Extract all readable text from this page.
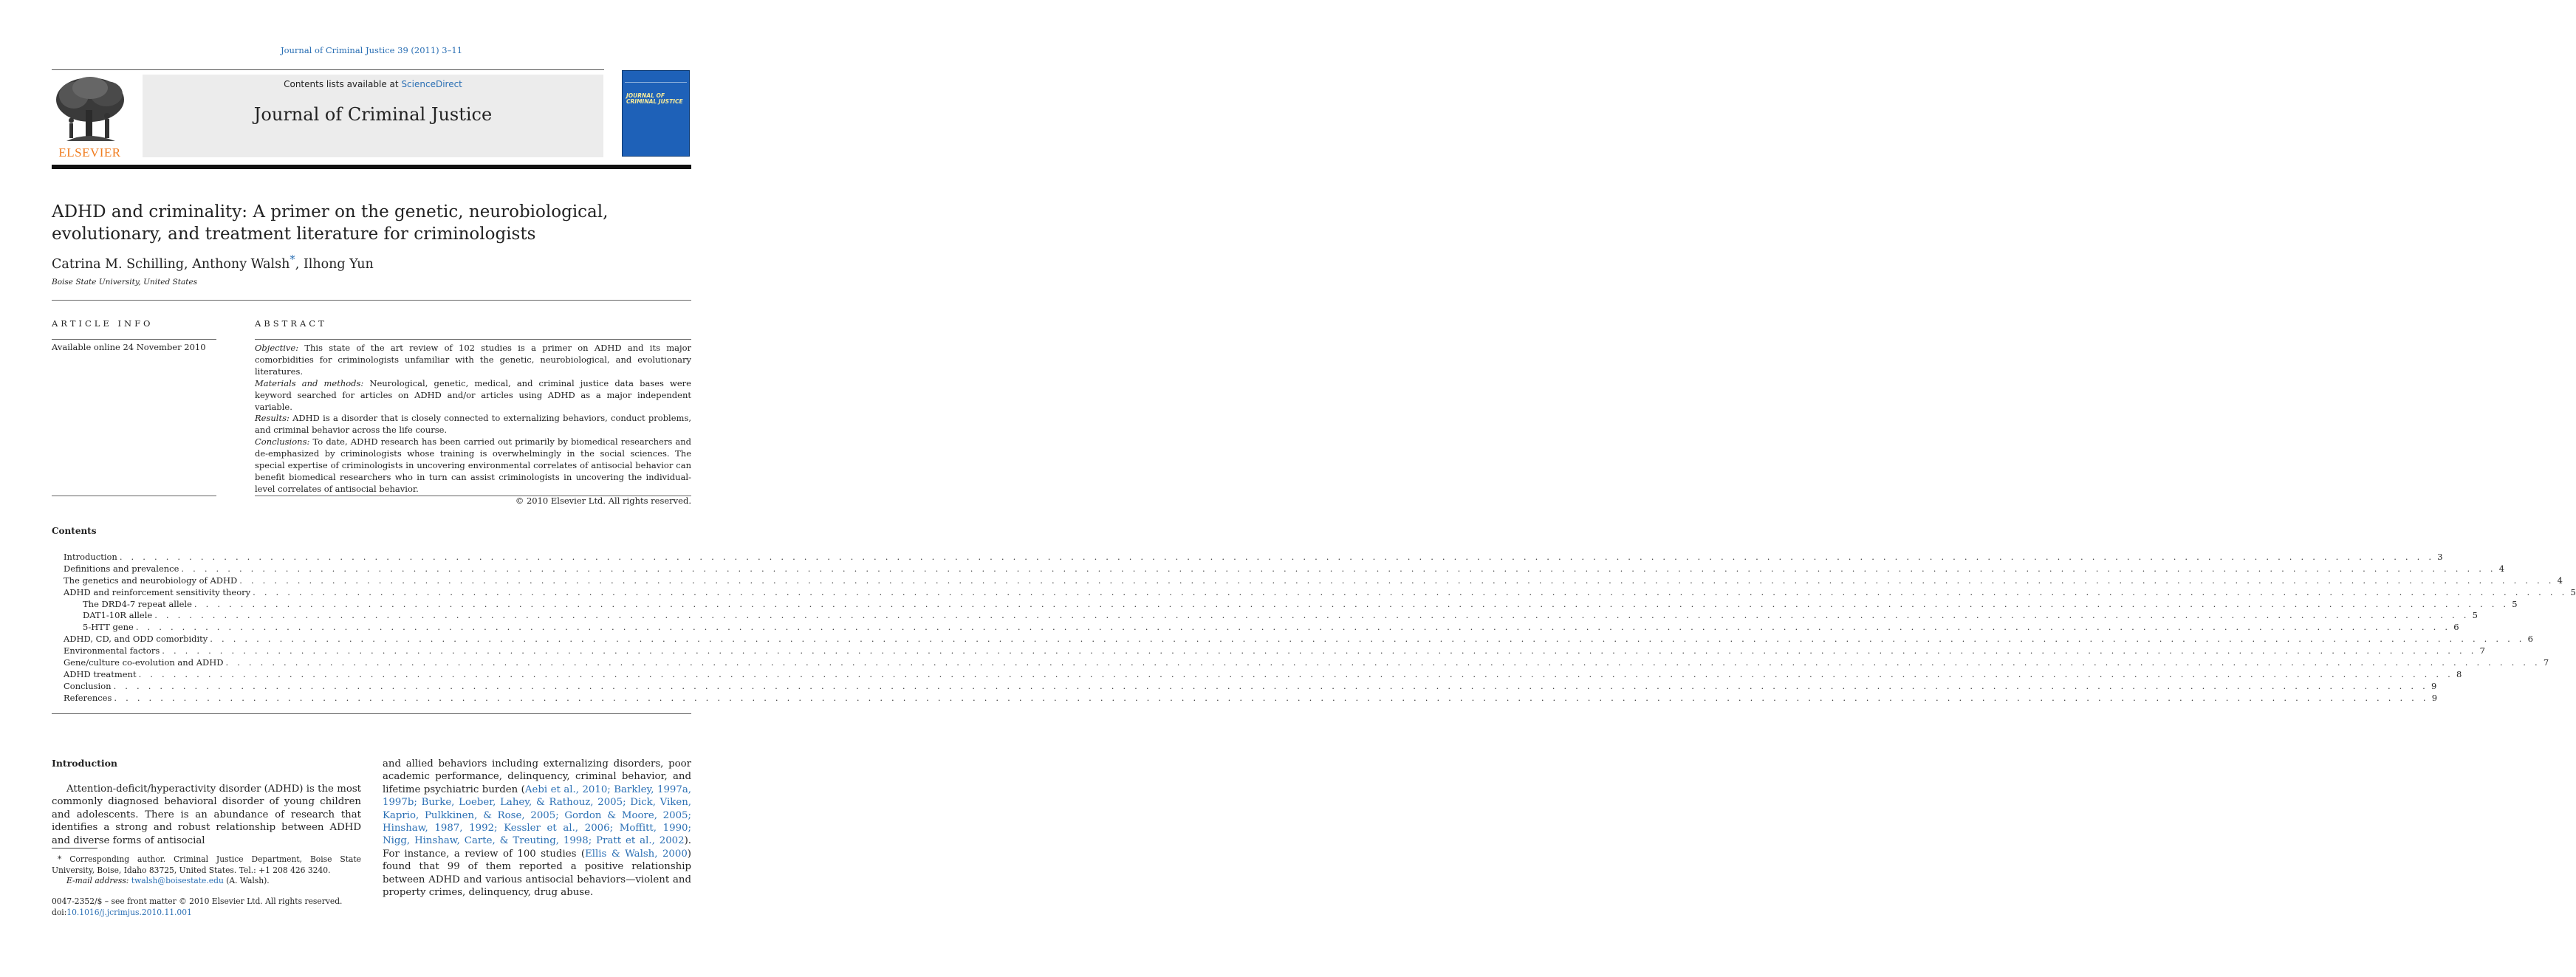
Journal of Criminal Justice 39 (2011) 3–11
ELSEVIER
Contents lists available at ScienceDirect
Journal of Criminal Justice
JOURNAL OF CRIMINAL JUSTICE
ADHD and criminality: A primer on the genetic, neurobiological, evolutionary, and treatment literature for criminologists
Catrina M. Schilling, Anthony Walsh*, Ilhong Yun
Boise State University, United States
ARTICLE INFO
Available online 24 November 2010
ABSTRACT

Objective: This state of the art review of 102 studies is a primer on ADHD and its major comorbidities for criminologists unfamiliar with the genetic, neurobiological, and evolutionary literatures.

Materials and methods: Neurological, genetic, medical, and criminal justice data bases were keyword searched for articles on ADHD and/or articles using ADHD as a major independent variable.

Results: ADHD is a disorder that is closely connected to externalizing behaviors, conduct problems, and criminal behavior across the life course.

Conclusions: To date, ADHD research has been carried out primarily by biomedical researchers and de-emphasized by criminologists whose training is overwhelmingly in the social sciences. The special expertise of criminologists in uncovering environmental correlates of antisocial behavior can benefit biomedical researchers who in turn can assist criminologists in uncovering the individual-level correlates of antisocial behavior.

© 2010 Elsevier Ltd. All rights reserved.

Contents
Introduction . . . . . . . . . . . . . . . . . . . . . . . . . . . . . . . . . . . . . . . . . . . . . . . . . . . . . . . . . . . . . . . . . . . . . . . . . . . . . . . . . . . . . . . . . . . . . . . . . . . . . . . . . . . . . . . . . . . . . . . . . . . . . . . . . . . . . . . . . . . . . . . . . . . . . . . . . . . . . . . . . . . . . . . . . . . . . . . . . . . . . . . . . . . . . . . . . . . . . . . . 3
Definitions and prevalence . . . . . . . . . . . . . . . . . . . . . . . . . . . . . . . . . . . . . . . . . . . . . . . . . . . . . . . . . . . . . . . . . . . . . . . . . . . . . . . . . . . . . . . . . . . . . . . . . . . . . . . . . . . . . . . . . . . . . . . . . . . . . . . . . . . . . . . . . . . . . . . . . . . . . . . . . . . . . . . . . . . . . . . . . . . . . . . . . . . . . . . . . . . . . . . . . . . . . . . . 4
The genetics and neurobiology of ADHD . . . . . . . . . . . . . . . . . . . . . . . . . . . . . . . . . . . . . . . . . . . . . . . . . . . . . . . . . . . . . . . . . . . . . . . . . . . . . . . . . . . . . . . . . . . . . . . . . . . . . . . . . . . . . . . . . . . . . . . . . . . . . . . . . . . . . . . . . . . . . . . . . . . . . . . . . . . . . . . . . . . . . . . . . . . . . . . . . . . . . . . . . . . . . . . . . . . . . . . . 4
ADHD and reinforcement sensitivity theory . . . . . . . . . . . . . . . . . . . . . . . . . . . . . . . . . . . . . . . . . . . . . . . . . . . . . . . . . . . . . . . . . . . . . . . . . . . . . . . . . . . . . . . . . . . . . . . . . . . . . . . . . . . . . . . . . . . . . . . . . . . . . . . . . . . . . . . . . . . . . . . . . . . . . . . . . . . . . . . . . . . . . . . . . . . . . . . . . . . . . . . . . . . . . . . . . . . . . . . . 5
The DRD4-7 repeat allele . . . . . . . . . . . . . . . . . . . . . . . . . . . . . . . . . . . . . . . . . . . . . . . . . . . . . . . . . . . . . . . . . . . . . . . . . . . . . . . . . . . . . . . . . . . . . . . . . . . . . . . . . . . . . . . . . . . . . . . . . . . . . . . . . . . . . . . . . . . . . . . . . . . . . . . . . . . . . . . . . . . . . . . . . . . . . . . . . . . . . . . . . . . . . . . . . . . . . . . . 5
DAT1-10R allele . . . . . . . . . . . . . . . . . . . . . . . . . . . . . . . . . . . . . . . . . . . . . . . . . . . . . . . . . . . . . . . . . . . . . . . . . . . . . . . . . . . . . . . . . . . . . . . . . . . . . . . . . . . . . . . . . . . . . . . . . . . . . . . . . . . . . . . . . . . . . . . . . . . . . . . . . . . . . . . . . . . . . . . . . . . . . . . . . . . . . . . . . . . . . . . . . . . . . . . . 5
5-HTT gene . . . . . . . . . . . . . . . . . . . . . . . . . . . . . . . . . . . . . . . . . . . . . . . . . . . . . . . . . . . . . . . . . . . . . . . . . . . . . . . . . . . . . . . . . . . . . . . . . . . . . . . . . . . . . . . . . . . . . . . . . . . . . . . . . . . . . . . . . . . . . . . . . . . . . . . . . . . . . . . . . . . . . . . . . . . . . . . . . . . . . . . . . . . . . . . . . . . . . . . . 6
ADHD, CD, and ODD comorbidity . . . . . . . . . . . . . . . . . . . . . . . . . . . . . . . . . . . . . . . . . . . . . . . . . . . . . . . . . . . . . . . . . . . . . . . . . . . . . . . . . . . . . . . . . . . . . . . . . . . . . . . . . . . . . . . . . . . . . . . . . . . . . . . . . . . . . . . . . . . . . . . . . . . . . . . . . . . . . . . . . . . . . . . . . . . . . . . . . . . . . . . . . . . . . . . . . . . . . . . . 6
Environmental factors . . . . . . . . . . . . . . . . . . . . . . . . . . . . . . . . . . . . . . . . . . . . . . . . . . . . . . . . . . . . . . . . . . . . . . . . . . . . . . . . . . . . . . . . . . . . . . . . . . . . . . . . . . . . . . . . . . . . . . . . . . . . . . . . . . . . . . . . . . . . . . . . . . . . . . . . . . . . . . . . . . . . . . . . . . . . . . . . . . . . . . . . . . . . . . . . . . . . . . . . 7
Gene/culture co-evolution and ADHD . . . . . . . . . . . . . . . . . . . . . . . . . . . . . . . . . . . . . . . . . . . . . . . . . . . . . . . . . . . . . . . . . . . . . . . . . . . . . . . . . . . . . . . . . . . . . . . . . . . . . . . . . . . . . . . . . . . . . . . . . . . . . . . . . . . . . . . . . . . . . . . . . . . . . . . . . . . . . . . . . . . . . . . . . . . . . . . . . . . . . . . . . . . . . . . . . . . . . . . . 7
ADHD treatment . . . . . . . . . . . . . . . . . . . . . . . . . . . . . . . . . . . . . . . . . . . . . . . . . . . . . . . . . . . . . . . . . . . . . . . . . . . . . . . . . . . . . . . . . . . . . . . . . . . . . . . . . . . . . . . . . . . . . . . . . . . . . . . . . . . . . . . . . . . . . . . . . . . . . . . . . . . . . . . . . . . . . . . . . . . . . . . . . . . . . . . . . . . . . . . . . . . . . . . . 8
Conclusion . . . . . . . . . . . . . . . . . . . . . . . . . . . . . . . . . . . . . . . . . . . . . . . . . . . . . . . . . . . . . . . . . . . . . . . . . . . . . . . . . . . . . . . . . . . . . . . . . . . . . . . . . . . . . . . . . . . . . . . . . . . . . . . . . . . . . . . . . . . . . . . . . . . . . . . . . . . . . . . . . . . . . . . . . . . . . . . . . . . . . . . . . . . . . . . . . . . . . . . . 9
References . . . . . . . . . . . . . . . . . . . . . . . . . . . . . . . . . . . . . . . . . . . . . . . . . . . . . . . . . . . . . . . . . . . . . . . . . . . . . . . . . . . . . . . . . . . . . . . . . . . . . . . . . . . . . . . . . . . . . . . . . . . . . . . . . . . . . . . . . . . . . . . . . . . . . . . . . . . . . . . . . . . . . . . . . . . . . . . . . . . . . . . . . . . . . . . . . . . . . . . . 9
Introduction
Attention-deficit/hyperactivity disorder (ADHD) is the most commonly diagnosed behavioral disorder of young children and adolescents. There is an abundance of research that identifies a strong and robust relationship between ADHD and diverse forms of antisocial
and allied behaviors including externalizing disorders, poor academic performance, delinquency, criminal behavior, and lifetime psychiatric burden (Aebi et al., 2010; Barkley, 1997a, 1997b; Burke, Loeber, Lahey, & Rathouz, 2005; Dick, Viken, Kaprio, Pulkkinen, & Rose, 2005; Gordon & Moore, 2005; Hinshaw, 1987, 1992; Kessler et al., 2006; Moffitt, 1990; Nigg, Hinshaw, Carte, & Treuting, 1998; Pratt et al., 2002). For instance, a review of 100 studies (Ellis & Walsh, 2000) found that 99 of them reported a positive relationship between ADHD and various antisocial behaviors—violent and property crimes, delinquency, drug abuse.
* Corresponding author. Criminal Justice Department, Boise State University, Boise, Idaho 83725, United States. Tel.: +1 208 426 3240.
E-mail address: twalsh@boisestate.edu (A. Walsh).
0047-2352/$ – see front matter © 2010 Elsevier Ltd. All rights reserved.
doi:10.1016/j.jcrimjus.2010.11.001
